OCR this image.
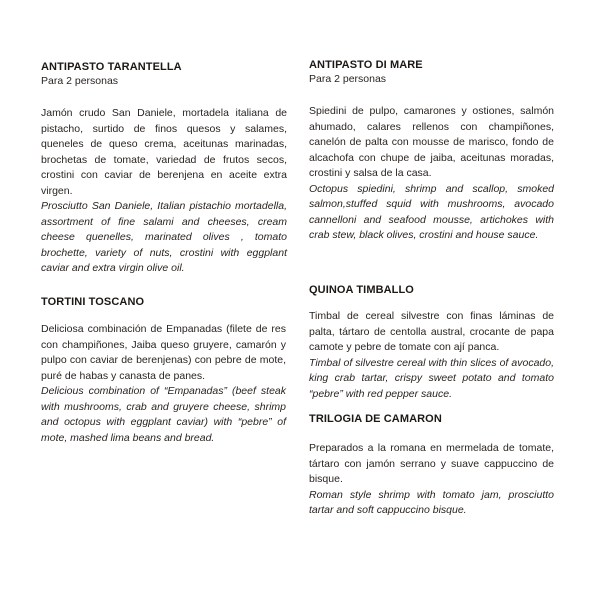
ANTIPASTO TARANTELLA

Para 2 personas

Jamón crudo San Daniele, mortadela italiana de pistacho, surtido de finos quesos y salames, queneles de queso crema, aceitunas marinadas, brochetas de tomate, variedad de frutos secos, crostini con caviar de berenjena en aceite extra virgen.

Prosciutto San Daniele, Italian pistachio mortadella, assortment of fine salami and cheeses, cream cheese quenelles, marinated olives , tomato brochette, variety of nuts, crostini with eggplant caviar and extra virgin olive oil.

ANTIPASTO DI MARE

Para 2 personas

Spiedini de pulpo, camarones y ostiones, salmón ahumado, calares rellenos con champiñones, canelón de palta con mousse de marisco, fondo de alcachofa con chupe de jaiba, aceitunas moradas, crostini y salsa de la casa.

Octopus spiedini, shrimp and scallop, smoked salmon,stuffed squid with mushrooms, avocado cannelloni and seafood mousse, artichokes with crab stew, black olives, crostini and house sauce.

TORTINI TOSCANO

Deliciosa combinación de Empanadas (filete de res con champiñones, Jaiba queso gruyere, camarón y pulpo con caviar de berenjenas) con pebre de mote, puré de habas y canasta de panes.

Delicious combination of “Empanadas” (beef steak with mushrooms, crab and gruyere cheese, shrimp and octopus with eggplant caviar) with “pebre” of mote, mashed lima beans and bread.

QUINOA TIMBALLO

Timbal de cereal silvestre con finas láminas de palta, tártaro de centolla austral, crocante de papa camote y pebre de tomate con ají panca.

Timbal of silvestre cereal with thin slices of avocado, king crab tartar, crispy sweet potato and tomato “pebre” with red pepper sauce.

TRILOGIA DE CAMARON

Preparados a la romana en mermelada de tomate, tártaro con jamón serrano y suave cappuccino de bisque.

Roman style shrimp with tomato jam, prosciutto tartar and soft cappuccino bisque.
